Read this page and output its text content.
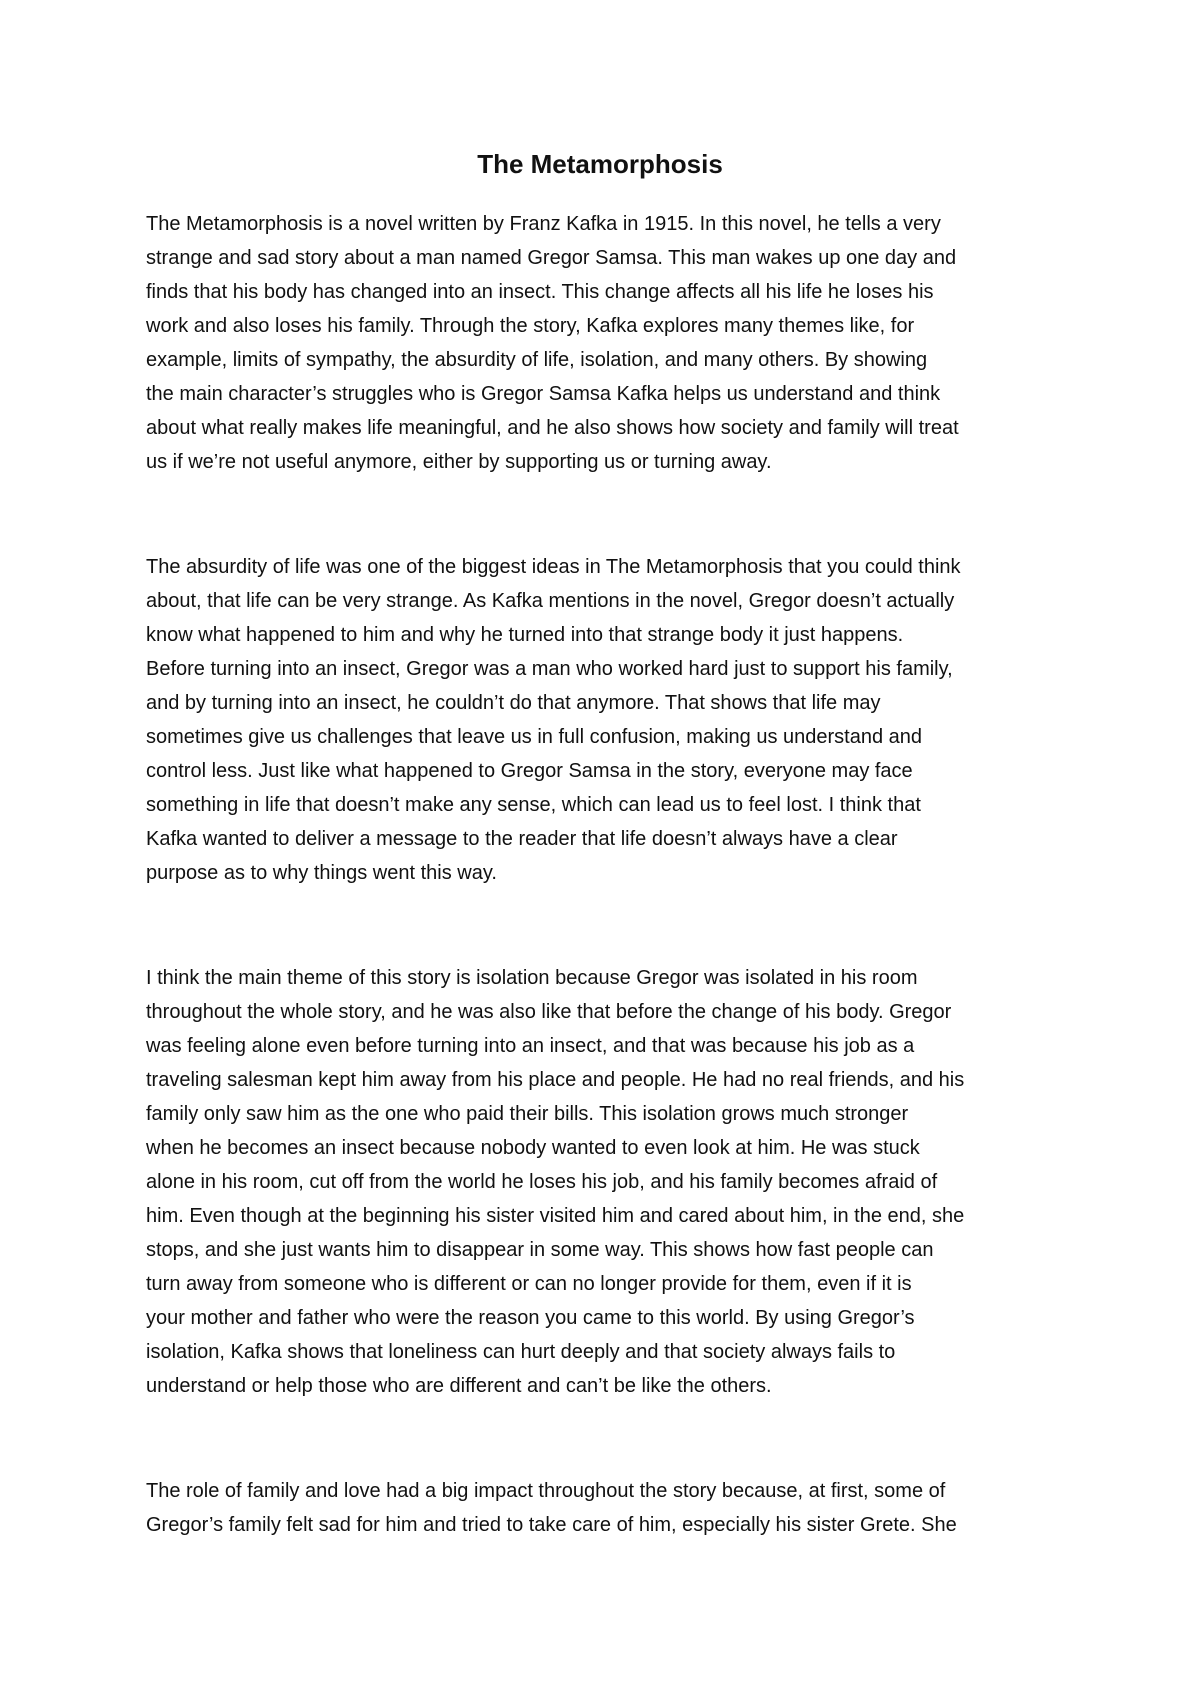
The Metamorphosis
The Metamorphosis is a novel written by Franz Kafka in 1915. In this novel, he tells a very
strange and sad story about a man named Gregor Samsa. This man wakes up one day and
finds that his body has changed into an insect. This change affects all his life he loses his
work and also loses his family. Through the story, Kafka explores many themes like, for
example, limits of sympathy, the absurdity of life, isolation, and many others. By showing
the main character’s struggles who is Gregor Samsa Kafka helps us understand and think
about what really makes life meaningful, and he also shows how society and family will treat
us if we’re not useful anymore, either by supporting us or turning away.
The absurdity of life was one of the biggest ideas in The Metamorphosis that you could think
about, that life can be very strange. As Kafka mentions in the novel, Gregor doesn’t actually
know what happened to him and why he turned into that strange body it just happens.
Before turning into an insect, Gregor was a man who worked hard just to support his family,
and by turning into an insect, he couldn’t do that anymore. That shows that life may
sometimes give us challenges that leave us in full confusion, making us understand and
control less. Just like what happened to Gregor Samsa in the story, everyone may face
something in life that doesn’t make any sense, which can lead us to feel lost. I think that
Kafka wanted to deliver a message to the reader that life doesn’t always have a clear
purpose as to why things went this way.
I think the main theme of this story is isolation because Gregor was isolated in his room
throughout the whole story, and he was also like that before the change of his body. Gregor
was feeling alone even before turning into an insect, and that was because his job as a
traveling salesman kept him away from his place and people. He had no real friends, and his
family only saw him as the one who paid their bills. This isolation grows much stronger
when he becomes an insect because nobody wanted to even look at him. He was stuck
alone in his room, cut off from the world he loses his job, and his family becomes afraid of
him. Even though at the beginning his sister visited him and cared about him, in the end, she
stops, and she just wants him to disappear in some way. This shows how fast people can
turn away from someone who is different or can no longer provide for them, even if it is
your mother and father who were the reason you came to this world. By using Gregor’s
isolation, Kafka shows that loneliness can hurt deeply and that society always fails to
understand or help those who are different and can’t be like the others.
The role of family and love had a big impact throughout the story because, at first, some of
Gregor’s family felt sad for him and tried to take care of him, especially his sister Grete. She
